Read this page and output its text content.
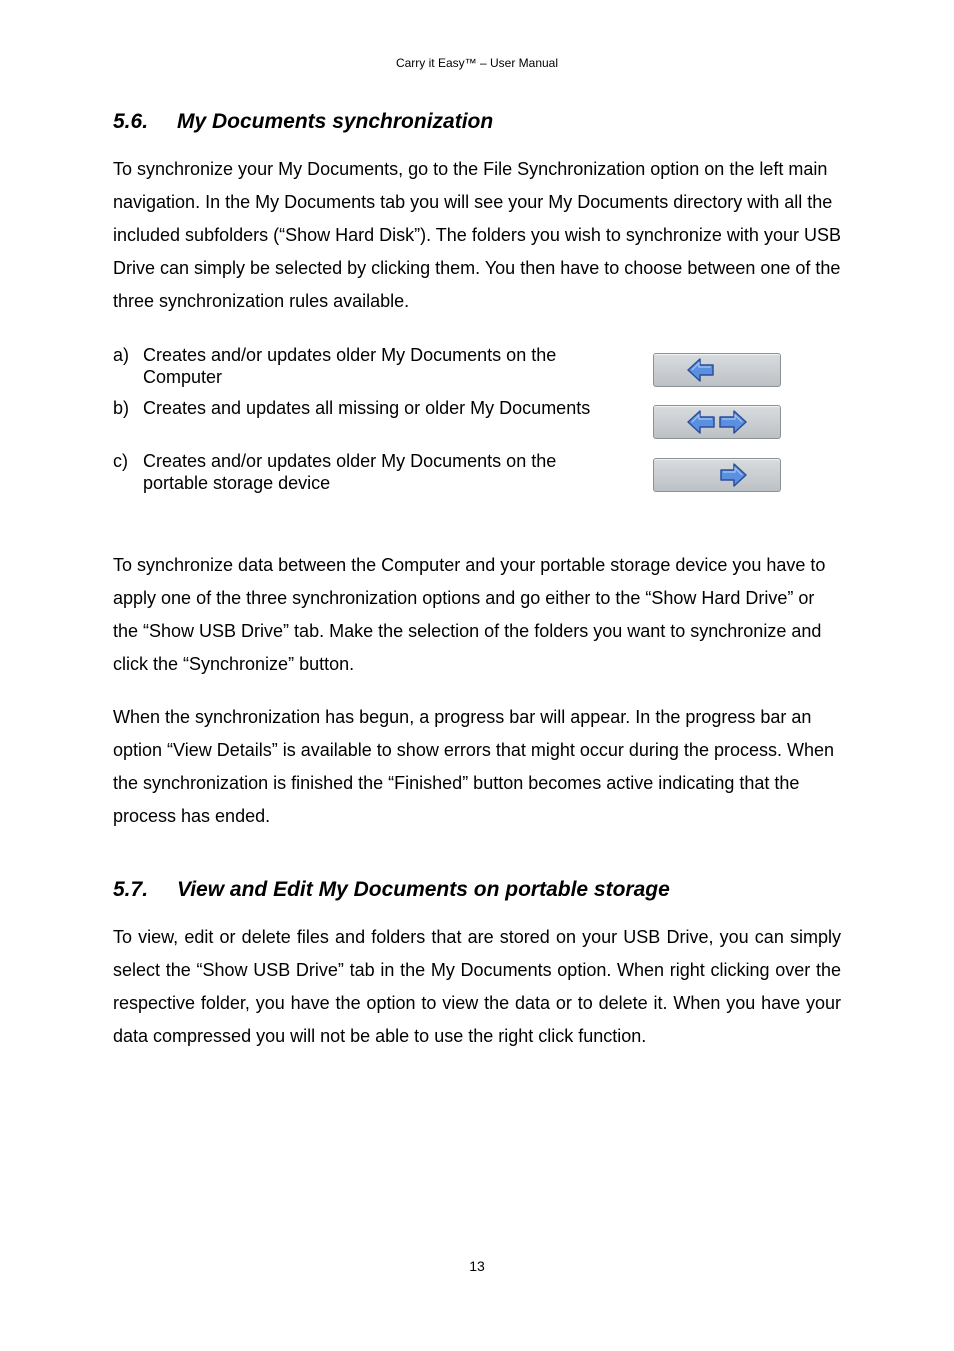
Carry it Easy™ – User Manual
5.6. My Documents synchronization

To synchronize your My Documents, go to the File Synchronization option on the left main navigation. In the My Documents tab you will see your My Documents directory with all the included subfolders (“Show Hard Disk”). The folders you wish to synchronize with your USB Drive can simply be selected by clicking them. You then have to choose between one of the three synchronization rules available.

a) Creates and/or updates older My Documents on the Computer
b) Creates and updates all missing or older My Documents
c) Creates and/or updates older My Documents on the portable storage device

To synchronize data between the Computer and your portable storage device you have to apply one of the three synchronization options and go either to the “Show Hard Drive” or the “Show USB Drive” tab. Make the selection of the folders you want to synchronize and click the “Synchronize” button.

When the synchronization has begun, a progress bar will appear. In the progress bar an option “View Details” is available to show errors that might occur during the process. When the synchronization is finished the “Finished” button becomes active indicating that the process has ended.

5.7. View and Edit My Documents on portable storage

To view, edit or delete files and folders that are stored on your USB Drive, you can simply select the “Show USB Drive” tab in the My Documents option. When right clicking over the respective folder, you have the option to view the data or to delete it. When you have your data compressed you will not be able to use the right click function.

13
